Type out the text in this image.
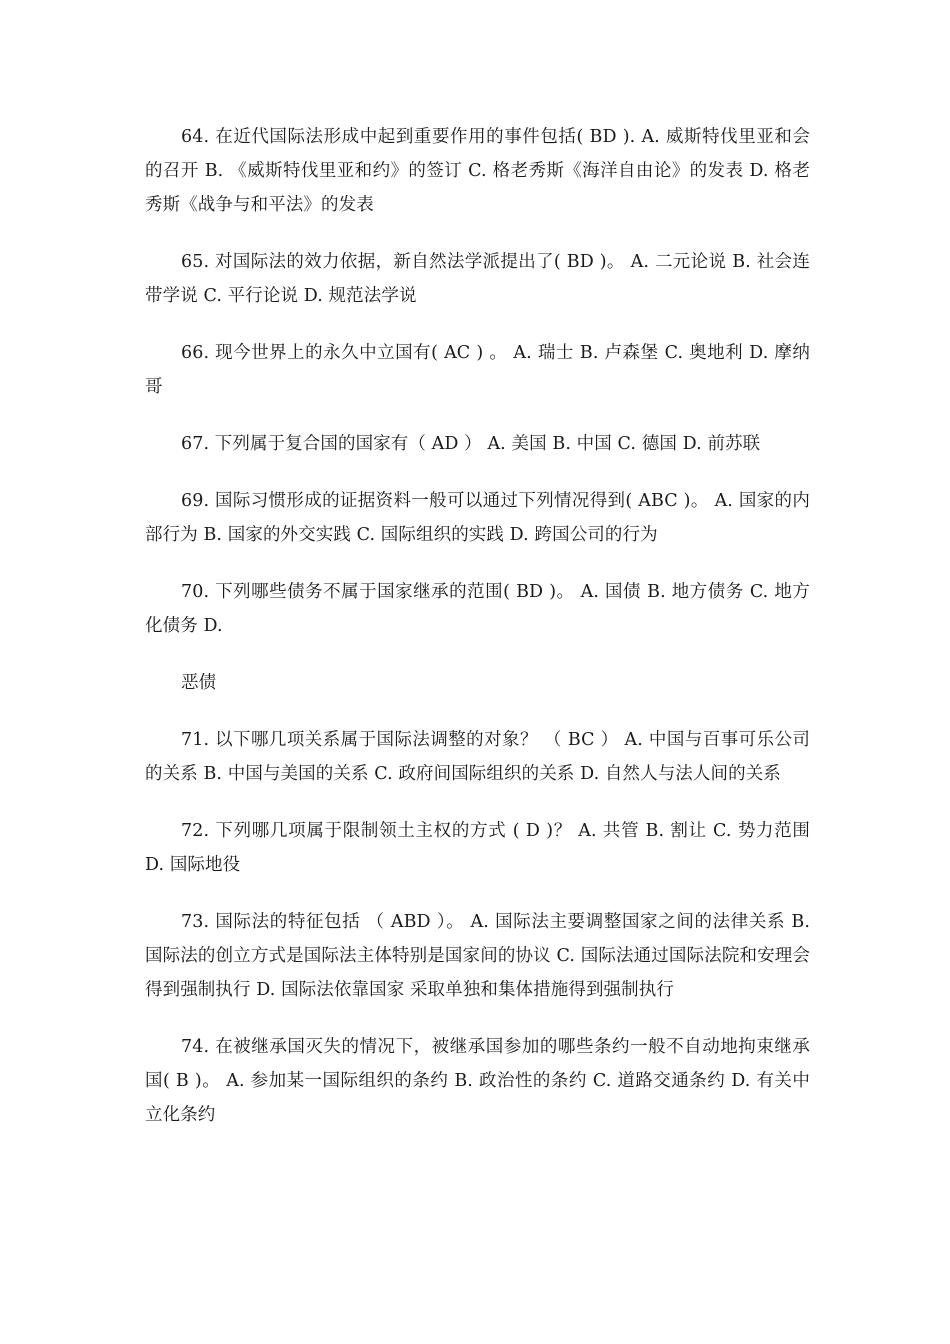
64. 在近代国际法形成中起到重要作用的事件包括( BD ). A. 威斯特伐里亚和会的召开 B. 《威斯特伐里亚和约》的签订 C. 格老秀斯《海洋自由论》的发表 D. 格老秀斯《战争与和平法》的发表

65. 对国际法的效力依据，新自然法学派提出了( BD )。 A. 二元论说 B. 社会连带学说 C. 平行论说 D. 规范法学说

66. 现今世界上的永久中立国有( AC ) 。 A. 瑞士 B. 卢森堡 C. 奥地利 D. 摩纳哥

67. 下列属于复合国的国家有（ AD ） A. 美国 B. 中国 C. 德国 D. 前苏联

69. 国际习惯形成的证据资料一般可以通过下列情况得到( ABC )。 A. 国家的内部行为 B. 国家的外交实践 C. 国际组织的实践 D. 跨国公司的行为

70. 下列哪些债务不属于国家继承的范围( BD )。 A. 国债 B. 地方债务 C. 地方化债务 D.

恶债

71. 以下哪几项关系属于国际法调整的对象？ （ BC ） A. 中国与百事可乐公司的关系 B. 中国与美国的关系 C. 政府间国际组织的关系 D. 自然人与法人间的关系

72. 下列哪几项属于限制领土主权的方式 ( D )？ A. 共管 B. 割让 C. 势力范围 D. 国际地役

73. 国际法的特征包括 （ ABD ）。 A. 国际法主要调整国家之间的法律关系 B. 国际法的创立方式是国际法主体特别是国家间的协议 C. 国际法通过国际法院和安理会得到强制执行 D. 国际法依靠国家 采取单独和集体措施得到强制执行

74. 在被继承国灭失的情况下，被继承国参加的哪些条约一般不自动地拘束继承国( B )。 A. 参加某一国际组织的条约 B. 政治性的条约 C. 道路交通条约 D. 有关中立化条约
